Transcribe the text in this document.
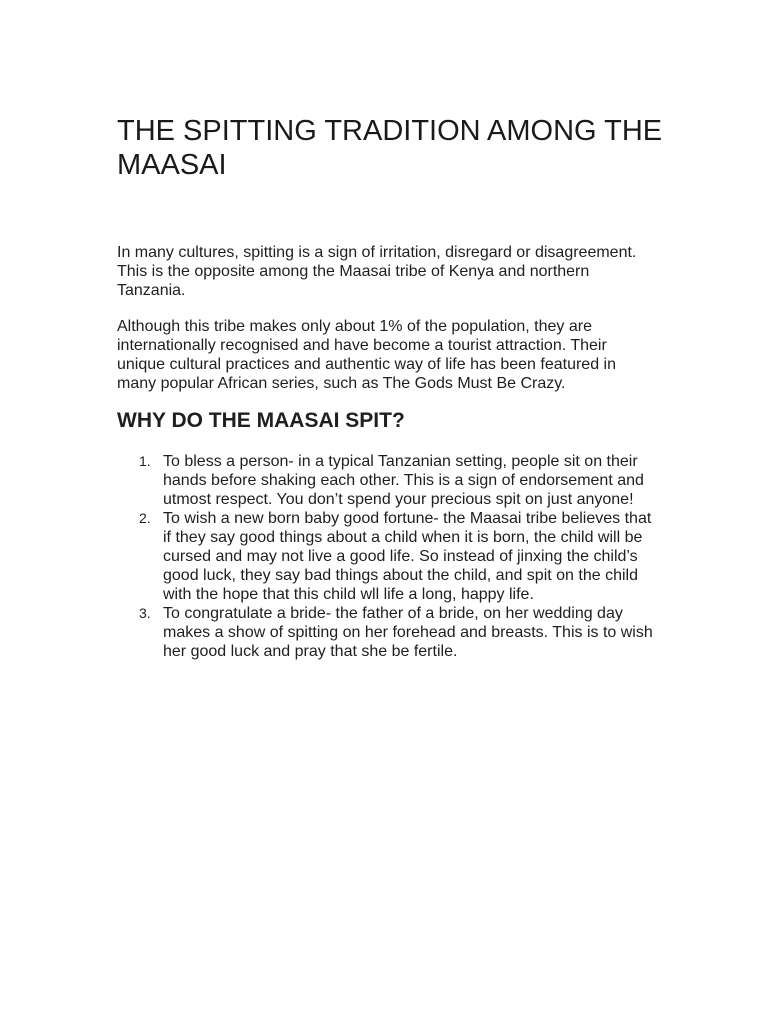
THE SPITTING TRADITION AMONG THE MAASAI

In many cultures, spitting is a sign of irritation, disregard or disagreement. This is the opposite among the Maasai tribe of Kenya and northern Tanzania.

Although this tribe makes only about 1% of the population, they are internationally recognised and have become a tourist attraction. Their unique cultural practices and authentic way of life has been featured in many popular African series, such as The Gods Must Be Crazy.

WHY DO THE MAASAI SPIT?
1. To bless a person- in a typical Tanzanian setting, people sit on their hands before shaking each other. This is a sign of endorsement and utmost respect. You don’t spend your precious spit on just anyone!
2. To wish a new born baby good fortune- the Maasai tribe believes that if they say good things about a child when it is born, the child will be cursed and may not live a good life. So instead of jinxing the child’s good luck, they say bad things about the child, and spit on the child with the hope that this child wll life a long, happy life.
3. To congratulate a bride- the father of a bride, on her wedding day makes a show of spitting on her forehead and breasts. This is to wish her good luck and pray that she be fertile.
